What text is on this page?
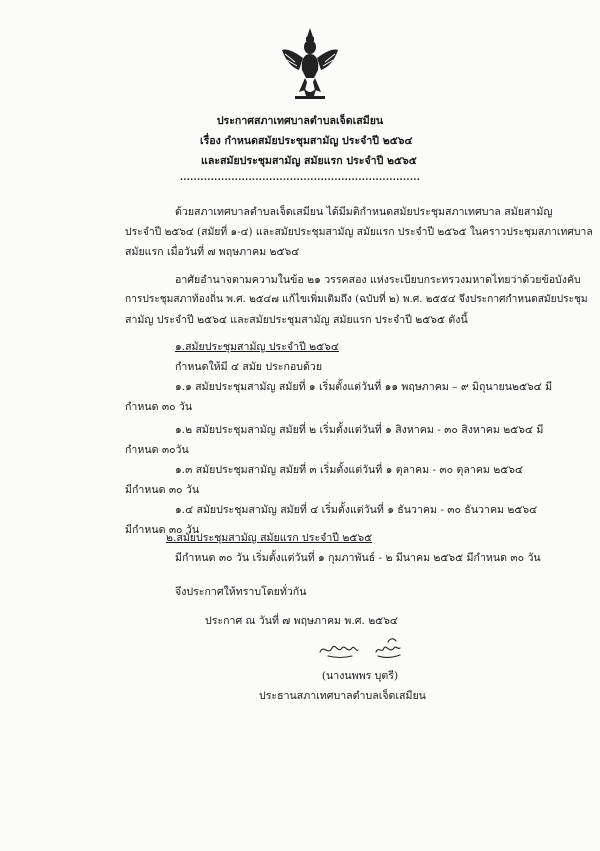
ประกาศสภาเทศบาลตำบลเจ็ดเสมียน
เรื่อง กำหนดสมัยประชุมสามัญ ประจำปี ๒๕๖๔
และสมัยประชุมสามัญ สมัยแรก ประจำปี ๒๕๖๕
......................................................................
ด้วยสภาเทศบาลตำบลเจ็ดเสมียน ได้มีมติกำหนดสมัยประชุมสภาเทศบาล สมัยสามัญ
ประจำปี ๒๕๖๔ (สมัยที่ ๑-๔) และสมัยประชุมสามัญ สมัยแรก ประจำปี ๒๕๖๕ ในคราวประชุมสภาเทศบาล
สมัยแรก เมื่อวันที่ ๗ พฤษภาคม ๒๕๖๔
อาศัยอำนาจตามความในข้อ ๒๑ วรรคสอง แห่งระเบียบกระทรวงมหาดไทยว่าด้วยข้อบังคับ
การประชุมสภาท้องถิ่น พ.ศ. ๒๕๔๗ แก้ไขเพิ่มเติมถึง (ฉบับที่ ๒) พ.ศ. ๒๕๕๔ จึงประกาศกำหนดสมัยประชุม
สามัญ ประจำปี ๒๕๖๔ และสมัยประชุมสามัญ สมัยแรก ประจำปี ๒๕๖๕ ดังนี้
๑.สมัยประชุมสามัญ ประจำปี ๒๕๖๔
กำหนดให้มี ๔ สมัย ประกอบด้วย
๑.๑ สมัยประชุมสามัญ สมัยที่ ๑ เริ่มตั้งแต่วันที่ ๑๑ พฤษภาคม – ๙ มิถุนายน๒๕๖๔ มี
กำหนด ๓๐ วัน
๑.๒ สมัยประชุมสามัญ สมัยที่ ๒ เริ่มตั้งแต่วันที่ ๑ สิงหาคม - ๓๐ สิงหาคม ๒๕๖๔ มี
กำหนด ๓๐วัน
๑.๓ สมัยประชุมสามัญ สมัยที่ ๓ เริ่มตั้งแต่วันที่ ๑ ตุลาคม - ๓๐ ตุลาคม ๒๕๖๔
มีกำหนด ๓๐ วัน
๑.๔ สมัยประชุมสามัญ สมัยที่ ๔ เริ่มตั้งแต่วันที่ ๑ ธันวาคม - ๓๐ ธันวาคม ๒๕๖๔
มีกำหนด ๓๐ วัน
๒.สมัยประชุมสามัญ สมัยแรก ประจำปี ๒๕๖๕
มีกำหนด ๓๐ วัน เริ่มตั้งแต่วันที่ ๑ กุมภาพันธ์ - ๒ มีนาคม ๒๕๖๕ มีกำหนด ๓๐ วัน
จึงประกาศให้ทราบโดยทั่วกัน
ประกาศ ณ วันที่ ๗ พฤษภาคม พ.ศ. ๒๕๖๔
(นางนพพร บุตรี)
ประธานสภาเทศบาลตำบลเจ็ดเสมียน
